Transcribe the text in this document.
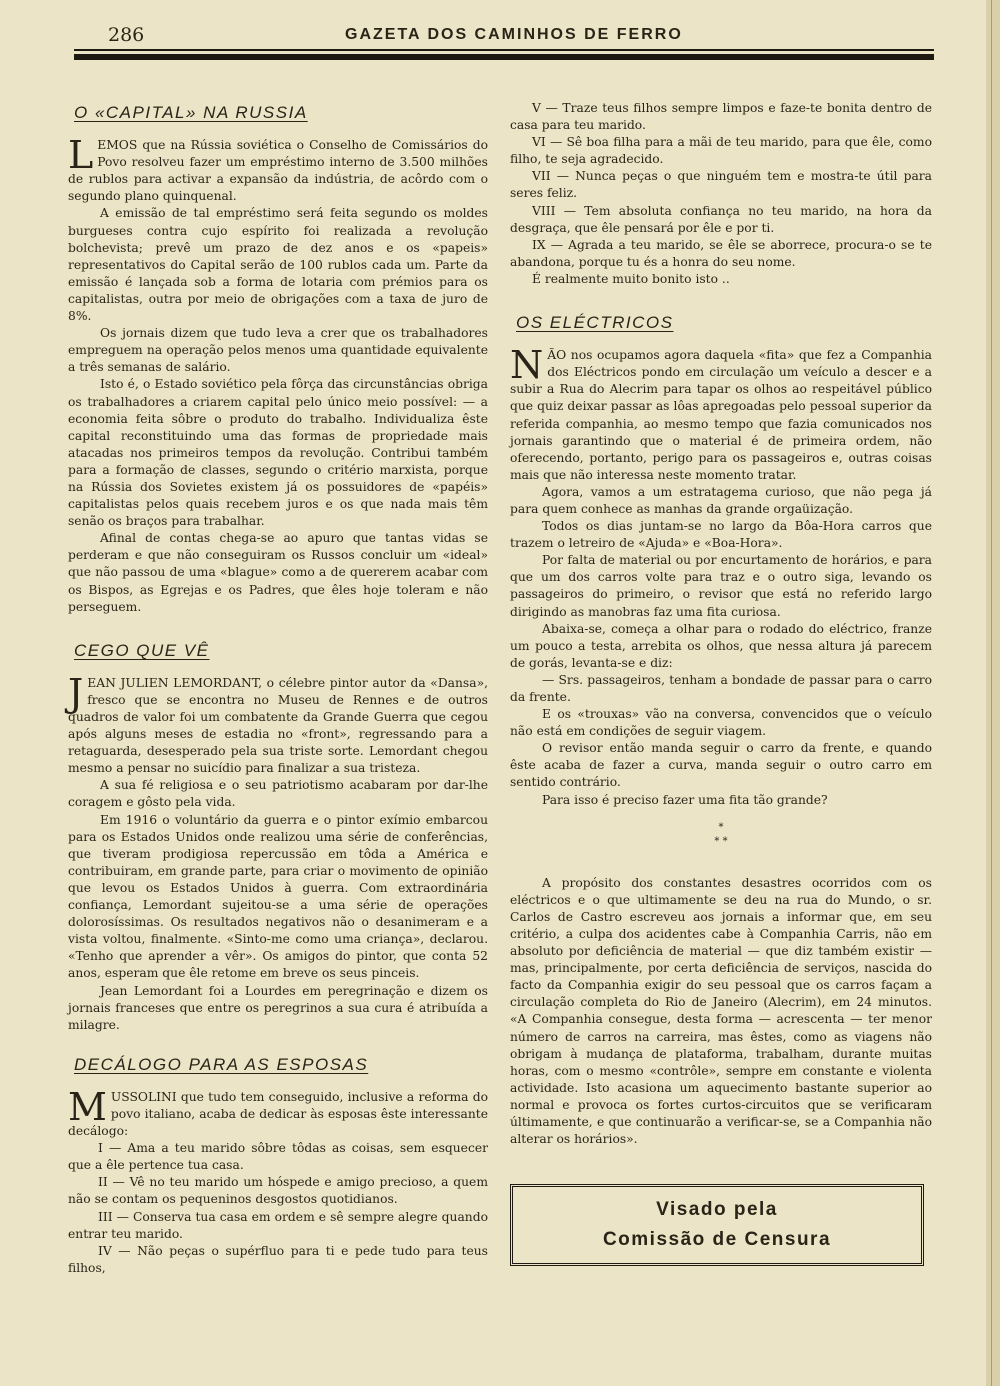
286	GAZETA DOS CAMINHOS DE FERRO
O «CAPITAL» NA RUSSIA

LEMOS que na Rússia soviética o Conselho de Comissários do Povo resolveu fazer um empréstimo interno de 3.500 milhões de rublos para activar a expansão da indústria, de acôrdo com o segundo plano quinquenal.

A emissão de tal empréstimo será feita segundo os moldes burgueses contra cujo espírito foi realizada a revolução bolchevista; prevê um prazo de dez anos e os «papeis» representativos do Capital serão de 100 rublos cada um. Parte da emissão é lançada sob a forma de lotaria com prémios para os capitalistas, outra por meio de obrigações com a taxa de juro de 8%.

Os jornais dizem que tudo leva a crer que os trabalhadores empreguem na operação pelos menos uma quantidade equivalente a três semanas de salário.

Isto é, o Estado soviético pela fôrça das circunstâncias obriga os trabalhadores a criarem capital pelo único meio possível: — a economia feita sôbre o produto do trabalho. Individualiza êste capital reconstituindo uma das formas de propriedade mais atacadas nos primeiros tempos da revolução. Contribui também para a formação de classes, segundo o critério marxista, porque na Rússia dos Sovietes existem já os possuidores de «papéis» capitalistas pelos quais recebem juros e os que nada mais têm senão os braços para trabalhar.

Afinal de contas chega-se ao apuro que tantas vidas se perderam e que não conseguiram os Russos concluir um «ideal» que não passou de uma «blague» como a de quererem acabar com os Bispos, as Egrejas e os Padres, que êles hoje toleram e não perseguem.

CEGO QUE VÊ

JEAN JULIEN LEMORDANT, o célebre pintor autor da «Dansa», fresco que se encontra no Museu de Rennes e de outros quadros de valor foi um combatente da Grande Guerra que cegou após alguns meses de estadia no «front», regressando para a retaguarda, desesperado pela sua triste sorte. Lemordant chegou mesmo a pensar no suicídio para finalizar a sua tristeza.

A sua fé religiosa e o seu patriotismo acabaram por dar-lhe coragem e gôsto pela vida.

Em 1916 o voluntário da guerra e o pintor exímio embarcou para os Estados Unidos onde realizou uma série de conferências, que tiveram prodigiosa repercussão em tôda a América e contribuiram, em grande parte, para criar o movimento de opinião que levou os Estados Unidos à guerra. Com extraordinária confiança, Lemordant sujeitou-se a uma série de operações dolorosíssimas. Os resultados negativos não o desanimeram e a vista voltou, finalmente. «Sinto-me como uma criança», declarou. «Tenho que aprender a vêr». Os amigos do pintor, que conta 52 anos, esperam que êle retome em breve os seus pinceis.

Jean Lemordant foi a Lourdes em peregrinação e dizem os jornais franceses que entre os peregrinos a sua cura é atribuída a milagre.

DECÁLOGO PARA AS ESPOSAS

MUSSOLINI que tudo tem conseguido, inclusive a reforma do povo italiano, acaba de dedicar às esposas êste interessante decálogo:

I — Ama a teu marido sôbre tôdas as coisas, sem esquecer que a êle pertence tua casa.

II — Vê no teu marido um hóspede e amigo precioso, a quem não se contam os pequeninos desgostos quotidianos.

III — Conserva tua casa em ordem e sê sempre alegre quando entrar teu marido.

IV — Não peças o supérfluo para ti e pede tudo para teus filhos,

V — Traze teus filhos sempre limpos e faze-te bonita dentro de casa para teu marido.

VI — Sê boa filha para a mãi de teu marido, para que êle, como filho, te seja agradecido.

VII — Nunca peças o que ninguém tem e mostra-te útil para seres feliz.

VIII — Tem absoluta confiança no teu marido, na hora da desgraça, que êle pensará por êle e por ti.

IX — Agrada a teu marido, se êle se aborrece, procura-o se te abandona, porque tu és a honra do seu nome.

É realmente muito bonito isto ..

OS ELÉCTRICOS

NÃO nos ocupamos agora daquela «fita» que fez a Companhia dos Eléctricos pondo em circulação um veículo a descer e a subir a Rua do Alecrim para tapar os olhos ao respeitável público que quiz deixar passar as lôas apregoadas pelo pessoal superior da referida companhia, ao mesmo tempo que fazia comunicados nos jornais garantindo que o material é de primeira ordem, não oferecendo, portanto, perigo para os passageiros e, outras coisas mais que não interessa neste momento tratar.

Agora, vamos a um estratagema curioso, que não pega já para quem conhece as manhas da grande orgaüização.

Todos os dias juntam-se no largo da Bôa-Hora carros que trazem o letreiro de «Ajuda» e «Boa-Hora».

Por falta de material ou por encurtamento de horários, e para que um dos carros volte para traz e o outro siga, levando os passageiros do primeiro, o revisor que está no referido largo dirigindo as manobras faz uma fita curiosa.

Abaixa-se, começa a olhar para o rodado do eléctrico, franze um pouco a testa, arrebita os olhos, que nessa altura já parecem de gorás, levanta-se e diz:

— Srs. passageiros, tenham a bondade de passar para o carro da frente.

E os «trouxas» vão na conversa, convencidos que o veículo não está em condições de seguir viagem.

O revisor então manda seguir o carro da frente, e quando êste acaba de fazer a curva, manda seguir o outro carro em sentido contrário.

Para isso é preciso fazer uma fita tão grande?

*
* *

A propósito dos constantes desastres ocorridos com os eléctricos e o que ultimamente se deu na rua do Mundo, o sr. Carlos de Castro escreveu aos jornais a informar que, em seu critério, a culpa dos acidentes cabe à Companhia Carris, não em absoluto por deficiência de material — que diz também existir — mas, principalmente, por certa deficiência de serviços, nascida do facto da Companhia exigir do seu pessoal que os carros façam a circulação completa do Rio de Janeiro (Alecrim), em 24 minutos. «A Companhia consegue, desta forma — acrescenta — ter menor número de carros na carreira, mas êstes, como as viagens não obrigam à mudança de plataforma, trabalham, durante muitas horas, com o mesmo «contrôle», sempre em constante e violenta actividade. Isto acasiona um aquecimento bastante superior ao normal e provoca os fortes curtos-circuitos que se verificaram últimamente, e que continuarão a verificar-se, se a Companhia não alterar os horários».

Visado pela
Comissão de Censura
